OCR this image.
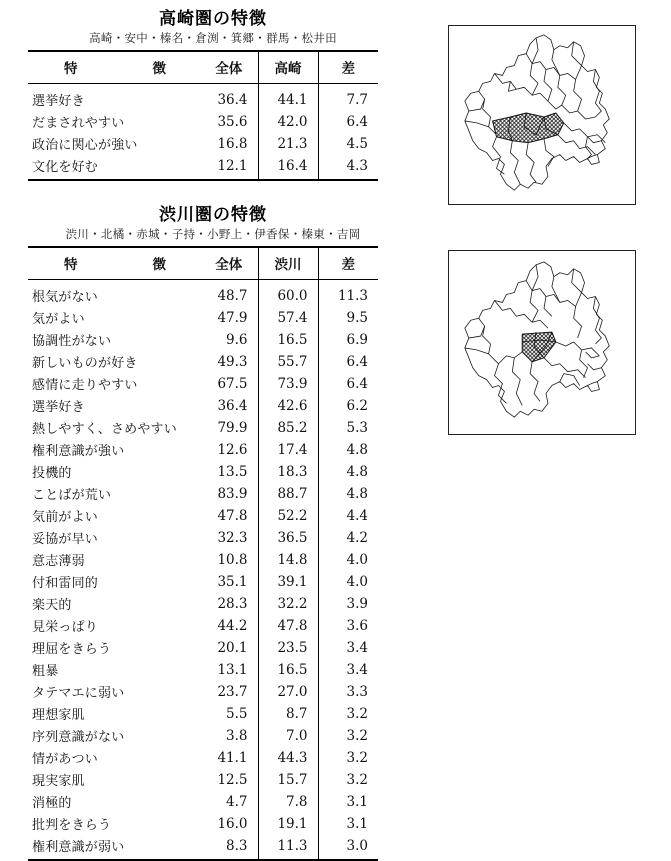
高崎圏の特徴
高崎・安中・榛名・倉渕・箕郷・群馬・松井田
特　　徴	全体	高崎	差
選挙好き	36.4	44.1	7.7
だまされやすい	35.6	42.0	6.4
政治に関心が強い	16.8	21.3	4.5
文化を好む	12.1	16.4	4.3
渋川圏の特徴
渋川・北橘・赤城・子持・小野上・伊香保・榛東・吉岡
特　　徴	全体	渋川	差
根気がない	48.7	60.0	11.3
気がよい	47.9	57.4	9.5
協調性がない	9.6	16.5	6.9
新しいものが好き	49.3	55.7	6.4
感情に走りやすい	67.5	73.9	6.4
選挙好き	36.4	42.6	6.2
熱しやすく、さめやすい	79.9	85.2	5.3
権利意識が強い	12.6	17.4	4.8
投機的	13.5	18.3	4.8
ことばが荒い	83.9	88.7	4.8
気前がよい	47.8	52.2	4.4
妥協が早い	32.3	36.5	4.2
意志薄弱	10.8	14.8	4.0
付和雷同的	35.1	39.1	4.0
楽天的	28.3	32.2	3.9
見栄っぱり	44.2	47.8	3.6
理屈をきらう	20.1	23.5	3.4
粗暴	13.1	16.5	3.4
タテマエに弱い	23.7	27.0	3.3
理想家肌	5.5	8.7	3.2
序列意識がない	3.8	7.0	3.2
情があつい	41.1	44.3	3.2
現実家肌	12.5	15.7	3.2
消極的	4.7	7.8	3.1
批判をきらう	16.0	19.1	3.1
権利意識が弱い	8.3	11.3	3.0
